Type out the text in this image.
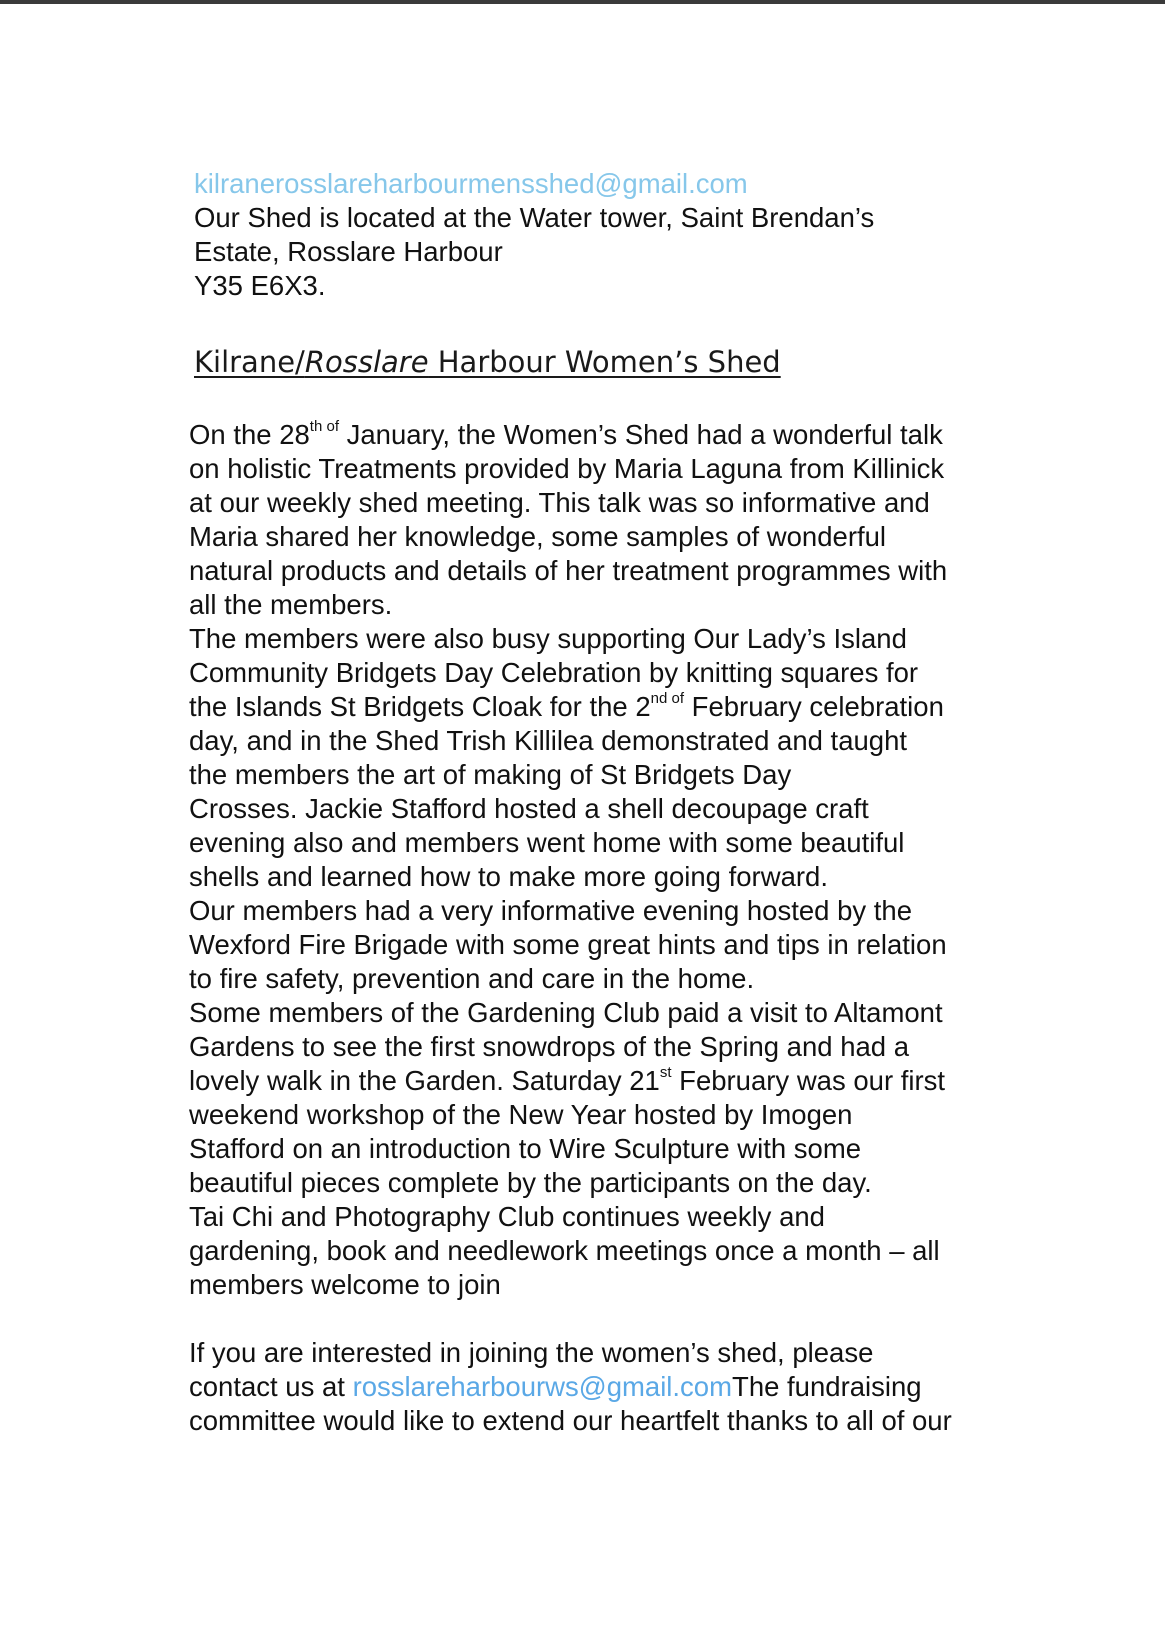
kilranerosslareharbourmensshed@gmail.com
Our Shed is located at the Water tower, Saint Brendan’s
Estate, Rosslare Harbour
Y35 E6X3.
Kilrane/Rosslare Harbour Women’s Shed
On the $28^{th of}$ January, the Women’s Shed had a wonderful talk
on holistic Treatments provided by Maria Laguna from Killinick
at our weekly shed meeting. This talk was so informative and
Maria shared her knowledge, some samples of wonderful
natural products and details of her treatment programmes with
all the members.
The members were also busy supporting Our Lady’s Island
Community Bridgets Day Celebration by knitting squares for
the Islands St Bridgets Cloak for the $2^{nd of}$ February celebration
day, and in the Shed Trish Killilea demonstrated and taught
the members the art of making of St Bridgets Day
Crosses. Jackie Stafford hosted a shell decoupage craft
evening also and members went home with some beautiful
shells and learned how to make more going forward.
Our members had a very informative evening hosted by the
Wexford Fire Brigade with some great hints and tips in relation
to fire safety, prevention and care in the home.
Some members of the Gardening Club paid a visit to Altamont
Gardens to see the first snowdrops of the Spring and had a
lovely walk in the Garden. Saturday 21st February was our first
weekend workshop of the New Year hosted by Imogen
Stafford on an introduction to Wire Sculpture with some
beautiful pieces complete by the participants on the day.
Tai Chi and Photography Club continues weekly and
gardening, book and needlework meetings once a month – all
members welcome to join
If you are interested in joining the women’s shed, please
contact us at rosslareharbourws@gmail.comThe fundraising
committee would like to extend our heartfelt thanks to all of our
